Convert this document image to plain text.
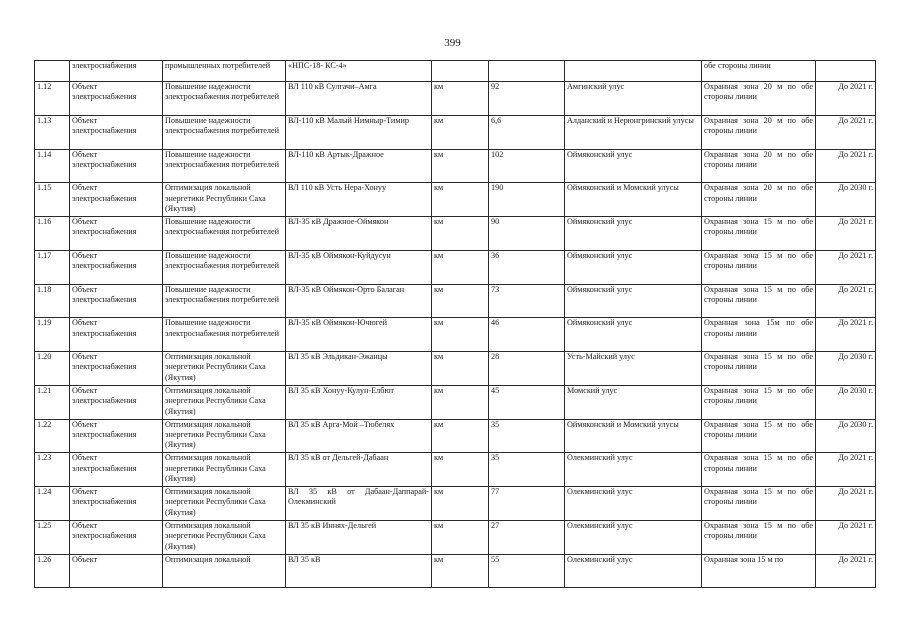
399
	электроснабжения	промышленных потребителей	«НПС-18- КС-4»				обе стороны линии	
1.12	Объект электроснабжения	Повышение надежности электроснабжения потребителей	ВЛ 110 кВ Сулгачи–Амга	км	92	Амгинский улус	Охранная зона 20 м по обе стороны линии	До 2021 г.
1.13	Объект электроснабжения	Повышение надежности электроснабжения потребителей	ВЛ-110 кВ Малый Нимныр-Тимир	км	6,6	Алданский и Нерюнгринский улусы	Охранная зона 20 м по обе стороны линии	До 2021 г.
1.14	Объект электроснабжения	Повышение надежности электроснабжения потребителей	ВЛ-110 кВ Артык-Дражное	км	102	Оймяконский улус	Охранная зона 20 м по обе стороны линии	До 2021 г.
1.15	Объект электроснабжения	Оптимизация локальной энергетики Республики Саха (Якутия)	ВЛ 110 кВ Усть Нера-Хонуу	км	190	Оймяконский и Момский улусы	Охранная зона 20 м по обе стороны линии	До 2030 г.
1.16	Объект электроснабжения	Повышение надежности электроснабжения потребителей	ВЛ-35 кВ Дражное-Оймякон	км	90	Оймяконский улус	Охранная зона 15 м по обе стороны линии	До 2021 г.
1.17	Объект электроснабжения	Повышение надежности электроснабжения потребителей	ВЛ-35 кВ Оймякон-Куйдусун	км	36	Оймяконский улус	Охранная зона 15 м по обе стороны линии	До 2021 г.
1.18	Объект электроснабжения	Повышение надежности электроснабжения потребителей	ВЛ-35 кВ Оймякон-Орто Балаган	км	73	Оймяконский улус	Охранная зона 15 м по обе стороны линии	До 2021 г.
1.19	Объект электроснабжения	Повышение надежности электроснабжения потребителей	ВЛ-35 кВ Оймякон-Ючюгей	км	46	Оймяконский улус	Охранная зона 15м по обе стороны линии	До 2021 г.
1.20	Объект электроснабжения	Оптимизация локальной энергетики Республики Саха (Якутия)	ВЛ 35 кВ Эльдикан-Эжанцы	км	28	Усть-Майский улус	Охранная зона 15 м по обе стороны линии	До 2030 г.
1.21	Объект электроснабжения	Оптимизация локальной энергетики Республики Саха (Якутия)	ВЛ 35 кВ Хонуу-Кулун-Елбют	км	45	Момский улус	Охранная зона 15 м по обе стороны линии	До 2030 г.
1.22	Объект электроснабжения	Оптимизация локальной энергетики Республики Саха (Якутия)	ВЛ 35 кВ Арга-Мой –Тюбелях	км	35	Оймяконский и Момский улусы	Охранная зона 15 м по обе стороны линии	До 2030 г.
1.23	Объект электроснабжения	Оптимизация локальной энергетики Республики Саха (Якутия)	ВЛ 35 кВ от Дельгей-Дабаан	км	35	Олекминский улус	Охранная зона 15 м по обе стороны линии	До 2021 г.
1.24	Объект электроснабжения	Оптимизация локальной энергетики Республики Саха (Якутия)	ВЛ 35 кВ от Дабаан-Даппарай-Олекминский	км	77	Олекминский улус	Охранная зона 15 м по обе стороны линии	До 2021 г.
1.25	Объект электроснабжения	Оптимизация локальной энергетики Республики Саха (Якутия)	ВЛ 35 кВ Иннях-Дельгей	км	27	Олекминский улус	Охранная зона 15 м по обе стороны линии	До 2021 г.
1.26	Объект	Оптимизация локальной	ВЛ 35 кВ	км	55	Олекминский улус	Охранная зона 15 м по	До 2021 г.
